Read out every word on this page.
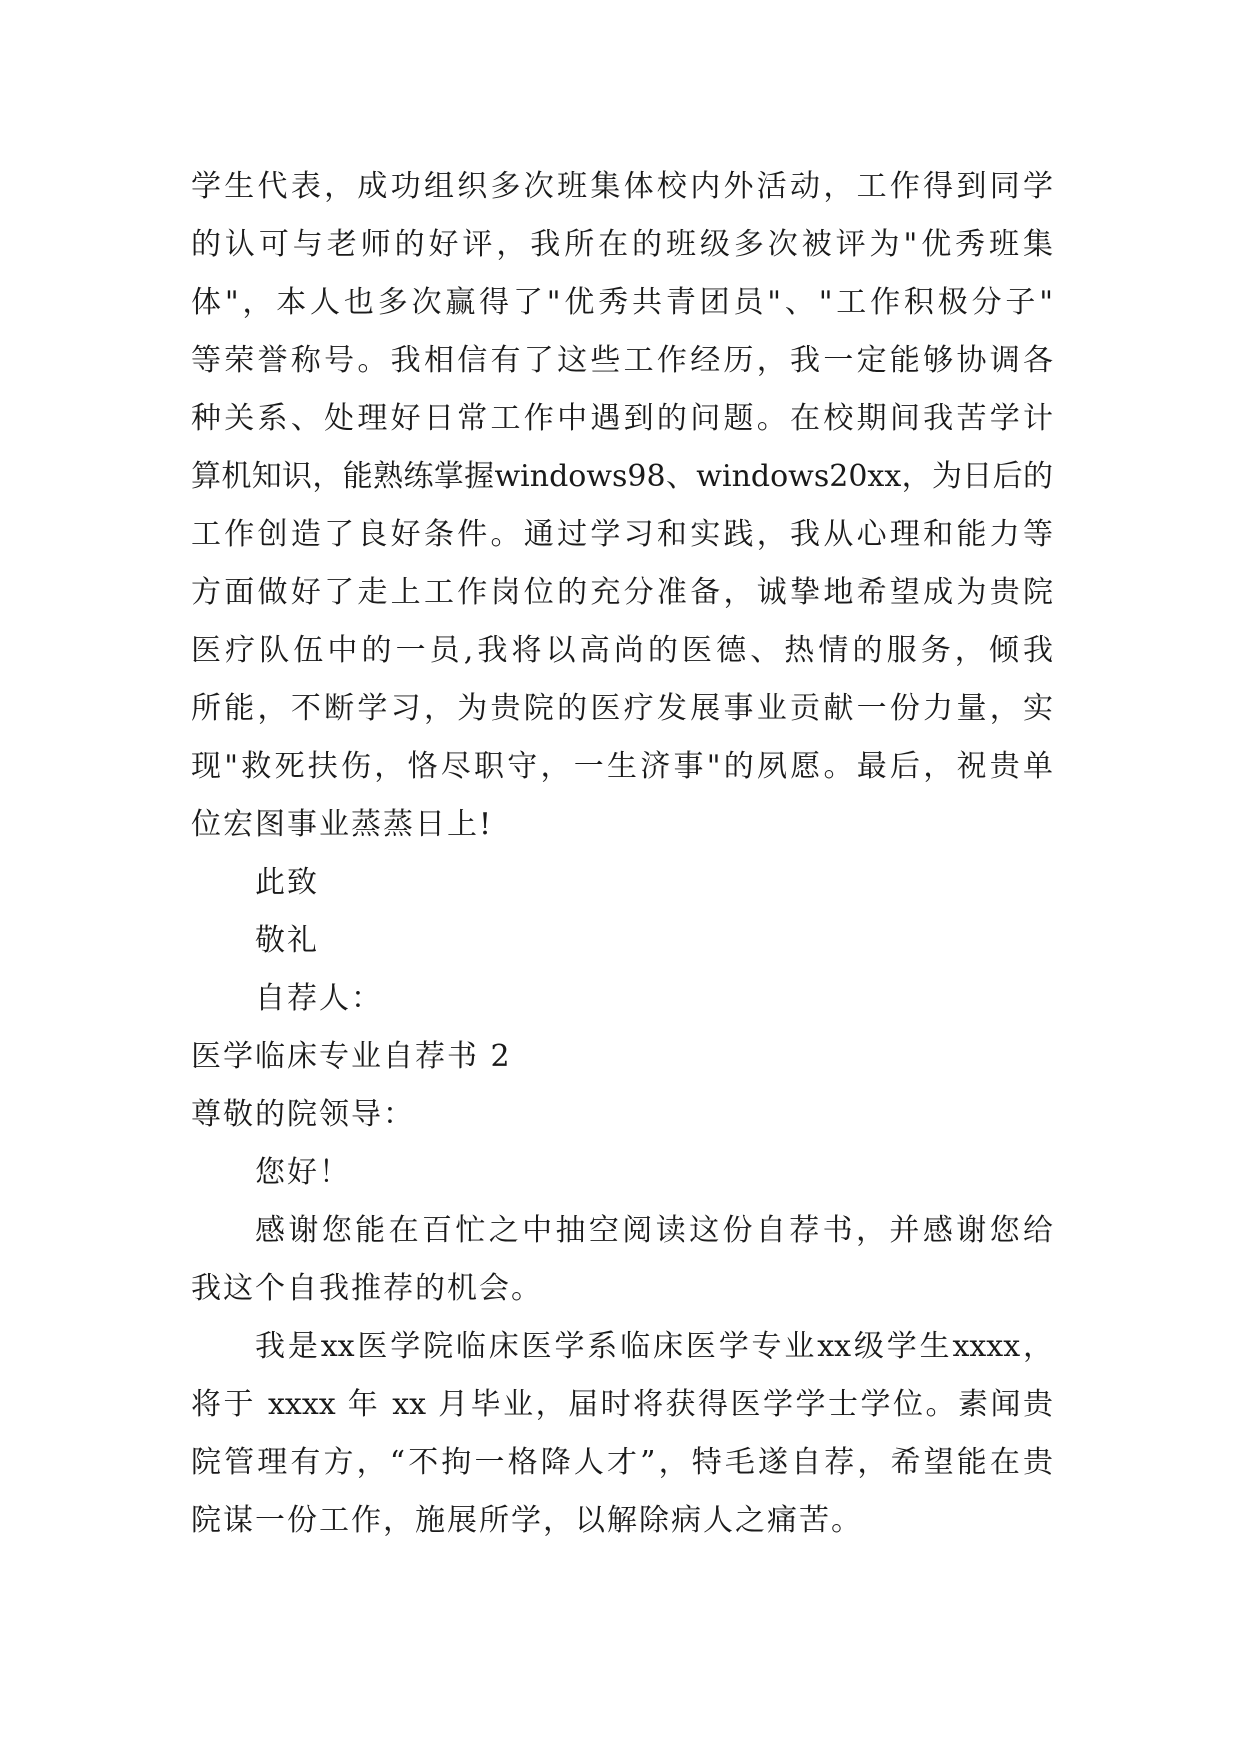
学生代表，成功组织多次班集体校内外活动，工作得到同学
的认可与老师的好评，我所在的班级多次被评为"优秀班集
体"，本人也多次赢得了"优秀共青团员"、"工作积极分子"
等荣誉称号。我相信有了这些工作经历，我一定能够协调各
种关系、处理好日常工作中遇到的问题。在校期间我苦学计
算机知识，能熟练掌握windows98、windows20xx，为日后的
工作创造了良好条件。通过学习和实践，我从心理和能力等
方面做好了走上工作岗位的充分准备，诚挚地希望成为贵院
医疗队伍中的一员,我将以高尚的医德、热情的服务，倾我
所能，不断学习，为贵院的医疗发展事业贡献一份力量，实
现"救死扶伤，恪尽职守，一生济事"的夙愿。最后，祝贵单
位宏图事业蒸蒸日上!
此致
敬礼
自荐人：
医学临床专业自荐书 2
尊敬的院领导：
您好！
感谢您能在百忙之中抽空阅读这份自荐书，并感谢您给
我这个自我推荐的机会。
我是xx医学院临床医学系临床医学专业xx级学生xxxx，
将于 xxxx 年 xx 月毕业，届时将获得医学学士学位。素闻贵
院管理有方，“不拘一格降人才”，特毛遂自荐，希望能在贵
院谋一份工作，施展所学，以解除病人之痛苦。
